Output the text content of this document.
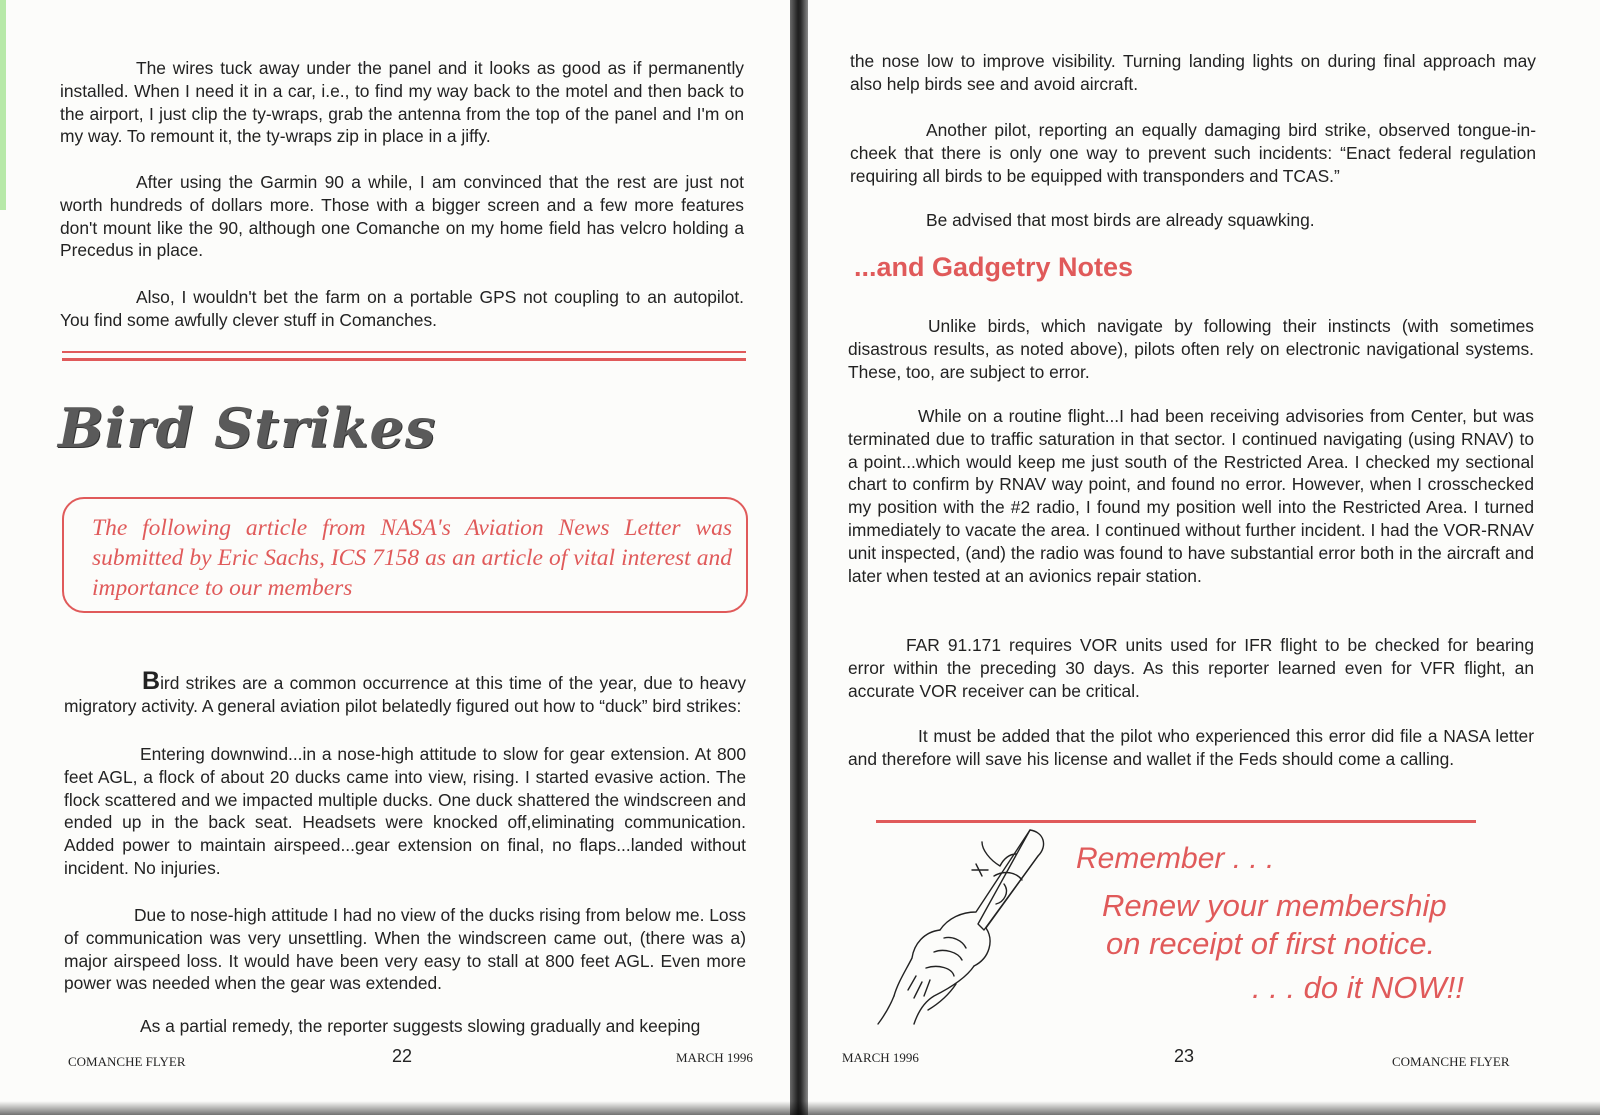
The wires tuck away under the panel and it looks as good as if permanently installed. When I need it in a car, i.e., to find my way back to the motel and then back to the airport, I just clip the ty-wraps, grab the antenna from the top of the panel and I'm on my way. To remount it, the ty-wraps zip in place in a jiffy.

After using the Garmin 90 a while, I am convinced that the rest are just not worth hundreds of dollars more. Those with a bigger screen and a few more features don't mount like the 90, although one Comanche on my home field has velcro holding a Precedus in place.

Also, I wouldn't bet the farm on a portable GPS not coupling to an autopilot. You find some awfully clever stuff in Comanches.

Bird Strikes
The following article from NASA's Aviation News Letter was submitted by Eric Sachs, ICS 7158 as an article of vital interest and importance to our members

Bird strikes are a common occurrence at this time of the year, due to heavy migratory activity. A general aviation pilot belatedly figured out how to “duck” bird strikes:

Entering downwind...in a nose-high attitude to slow for gear extension. At 800 feet AGL, a flock of about 20 ducks came into view, rising. I started evasive action. The flock scattered and we impacted multiple ducks. One duck shattered the windscreen and ended up in the back seat. Headsets were knocked off,eliminating communication. Added power to maintain airspeed...gear extension on final, no flaps...landed without incident. No injuries.

Due to nose-high attitude I had no view of the ducks rising from below me. Loss of communication was very unsettling. When the windscreen came out, (there was a) major airspeed loss. It would have been very easy to stall at 800 feet AGL. Even more power was needed when the gear was extended.

As a partial remedy, the reporter suggests slowing gradually and keeping

COMANCHE FLYER	22	MARCH 1996

the nose low to improve visibility. Turning landing lights on during final approach may also help birds see and avoid aircraft.

Another pilot, reporting an equally damaging bird strike, observed tongue-in-cheek that there is only one way to prevent such incidents: “Enact federal regulation requiring all birds to be equipped with transponders and TCAS.”

Be advised that most birds are already squawking.

...and Gadgetry Notes

Unlike birds, which navigate by following their instincts (with sometimes disastrous results, as noted above), pilots often rely on electronic navigational systems. These, too, are subject to error.

While on a routine flight...I had been receiving advisories from Center, but was terminated due to traffic saturation in that sector. I continued navigating (using RNAV) to a point...which would keep me just south of the Restricted Area. I checked my sectional chart to confirm by RNAV way point, and found no error. However, when I crosschecked my position with the #2 radio, I found my position well into the Restricted Area. I turned immediately to vacate the area. I continued without further incident. I had the VOR-RNAV unit inspected, (and) the radio was found to have substantial error both in the aircraft and later when tested at an avionics repair station.

FAR 91.171 requires VOR units used for IFR flight to be checked for bearing error within the preceding 30 days. As this reporter learned even for VFR flight, an accurate VOR receiver can be critical.

It must be added that the pilot who experienced this error did file a NASA letter and therefore will save his license and wallet if the Feds should come a calling.

Remember . . .
Renew your membership
on receipt of first notice.
. . . do it NOW!!
MARCH 1996	23	COMANCHE FLYER
